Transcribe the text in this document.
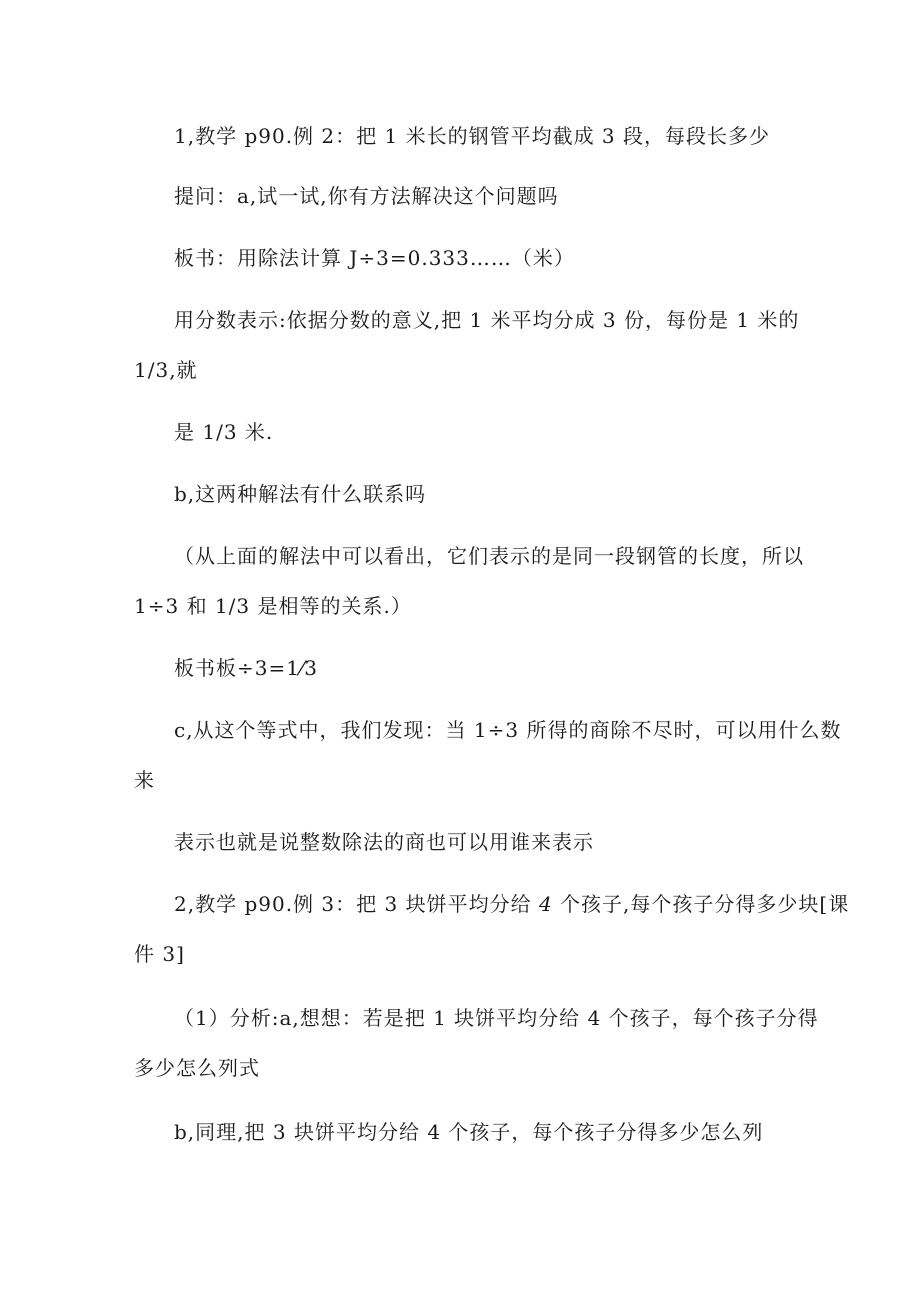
1,教学 p90.例 2：把 1 米长的钢管平均截成 3 段，每段长多少
提问：a,试一试,你有方法解决这个问题吗
板书：用除法计算 J÷3=0.333……（米）
用分数表示:依据分数的意义,把 1 米平均分成 3 份，每份是 1 米的
1/3,就
是 1/3 米.
b,这两种解法有什么联系吗
（从上面的解法中可以看出，它们表示的是同一段钢管的长度，所以
1÷3 和 1/3 是相等的关系.）
板书板÷3=1⁄3
c,从这个等式中，我们发现：当 1÷3 所得的商除不尽时，可以用什么数
来
表示也就是说整数除法的商也可以用谁来表示
2,教学 p90.例 3：把 3 块饼平均分给 4 个孩子,每个孩子分得多少块[课
件 3]
（1）分析:a,想想：若是把 1 块饼平均分给 4 个孩子，每个孩子分得
多少怎么列式
b,同理,把 3 块饼平均分给 4 个孩子，每个孩子分得多少怎么列
